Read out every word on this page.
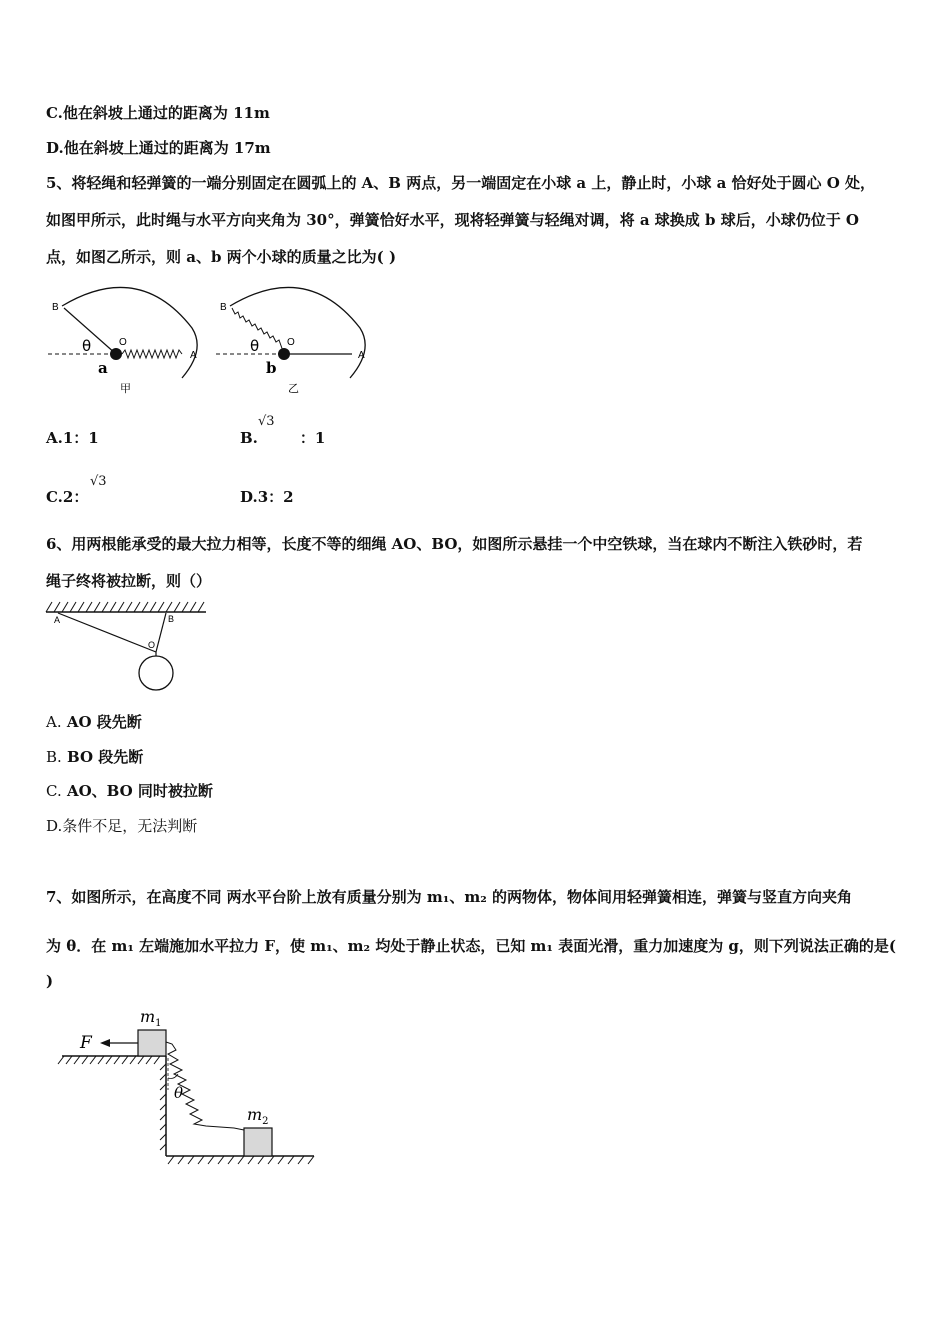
C.他在斜坡上通过的距离为 11m
D.他在斜坡上通过的距离为 17m
5、将轻绳和轻弹簧的一端分别固定在圆弧上的 A、B 两点，另一端固定在小球 a 上，静止时，小球 a 恰好处于圆心 O 处，
如图甲所示，此时绳与水平方向夹角为 30°，弹簧恰好水平，现将轻弹簧与轻绳对调，将 a 球换成 b 球后，小球仍位于 O
点，如图乙所示，则 a、b 两个小球的质量之比为( )
B
O
A
θ
a
甲
B
O
A
θ
b
乙
A.1：1	B.	：1
√3
C.2：
√3
D.3：2
6、用两根能承受的最大拉力相等，长度不等的细绳 AO、BO，如图所示悬挂一个中空铁球，当在球内不断注入铁砂时，若
绳子终将被拉断，则（）
A	B
O
A. AO 段先断
B. BO 段先断
C. AO、BO 同时被拉断
D.条件不足，无法判断
7、如图所示，在高度不同 两水平台阶上放有质量分别为 m₁、m₂ 的两物体，物体间用轻弹簧相连，弹簧与竖直方向夹角
为 θ．在 m₁ 左端施加水平拉力 F，使 m₁、m₂ 均处于静止状态，已知 m₁ 表面光滑，重力加速度为 g，则下列说法正确的是(
)
F
$m_1$
$m_2$
θ
